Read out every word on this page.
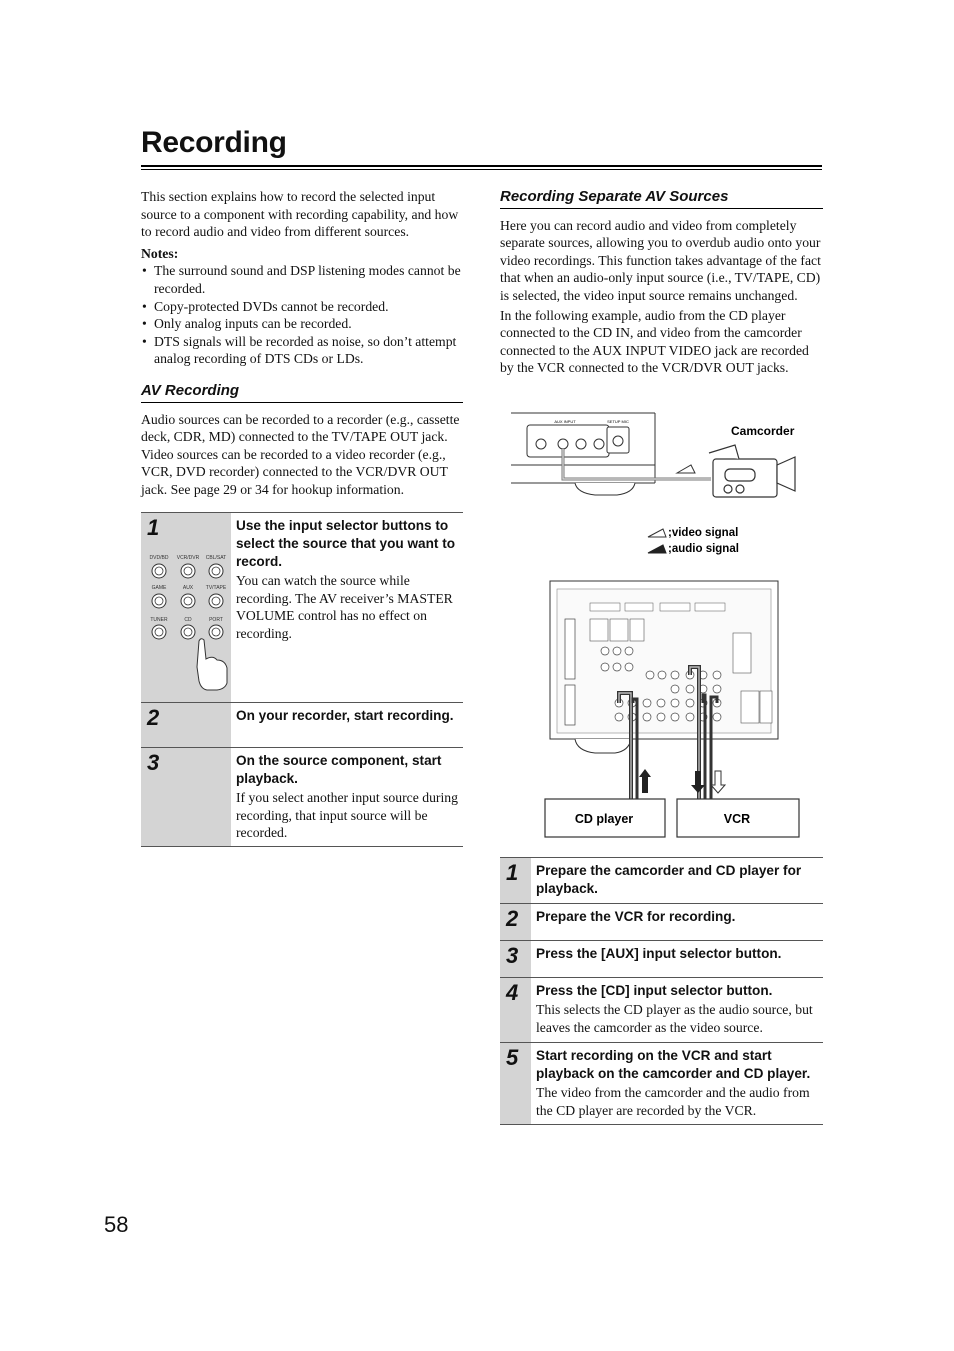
Recording

This section explains how to record the selected input source to a component with recording capability, and how to record audio and video from different sources.

Notes:
• The surround sound and DSP listening modes cannot be recorded.
• Copy-protected DVDs cannot be recorded.
• Only analog inputs can be recorded.
• DTS signals will be recorded as noise, so don’t attempt analog recording of DTS CDs or LDs.
AV Recording

Audio sources can be recorded to a recorder (e.g., cassette deck, CDR, MD) connected to the TV/TAPE OUT jack. Video sources can be recorded to a video recorder (e.g., VCR, DVD recorder) connected to the VCR/DVR OUT jack. See page 29 or 34 for hookup information.

1
DVD/BD VCR/DVR CBL/SAT
GAME	AUX	TV/TAPE
TUNER	CD	PORT
Use the input selector buttons to select the source that you want to record.
You can watch the source while recording. The AV receiver’s MASTER VOLUME control has no effect on recording.
2	On your recorder, start recording.
3	On the source component, start playback.
If you select another input source during recording, that input source will be recorded.
Recording Separate AV Sources

Here you can record audio and video from completely separate sources, allowing you to overdub audio onto your video recordings. This function takes advantage of the fact that when an audio-only input source (i.e., TV/TAPE, CD) is selected, the video input source remains unchanged.

In the following example, audio from the CD player connected to the CD IN, and video from the camcorder connected to the AUX INPUT VIDEO jack are recorded by the VCR connected to the VCR/DVR OUT jacks.

AUX INPUT	SETUP MIC
Camcorder
;video signal
;audio signal
CD player	VCR
1 Prepare the camcorder and CD player for playback.
2 Prepare the VCR for recording.
3 Press the [AUX] input selector button.
4 Press the [CD] input selector button.
This selects the CD player as the audio source, but leaves the camcorder as the video source.
5 Start recording on the VCR and start playback on the camcorder and CD player.
The video from the camcorder and the audio from the CD player are recorded by the VCR.
58
